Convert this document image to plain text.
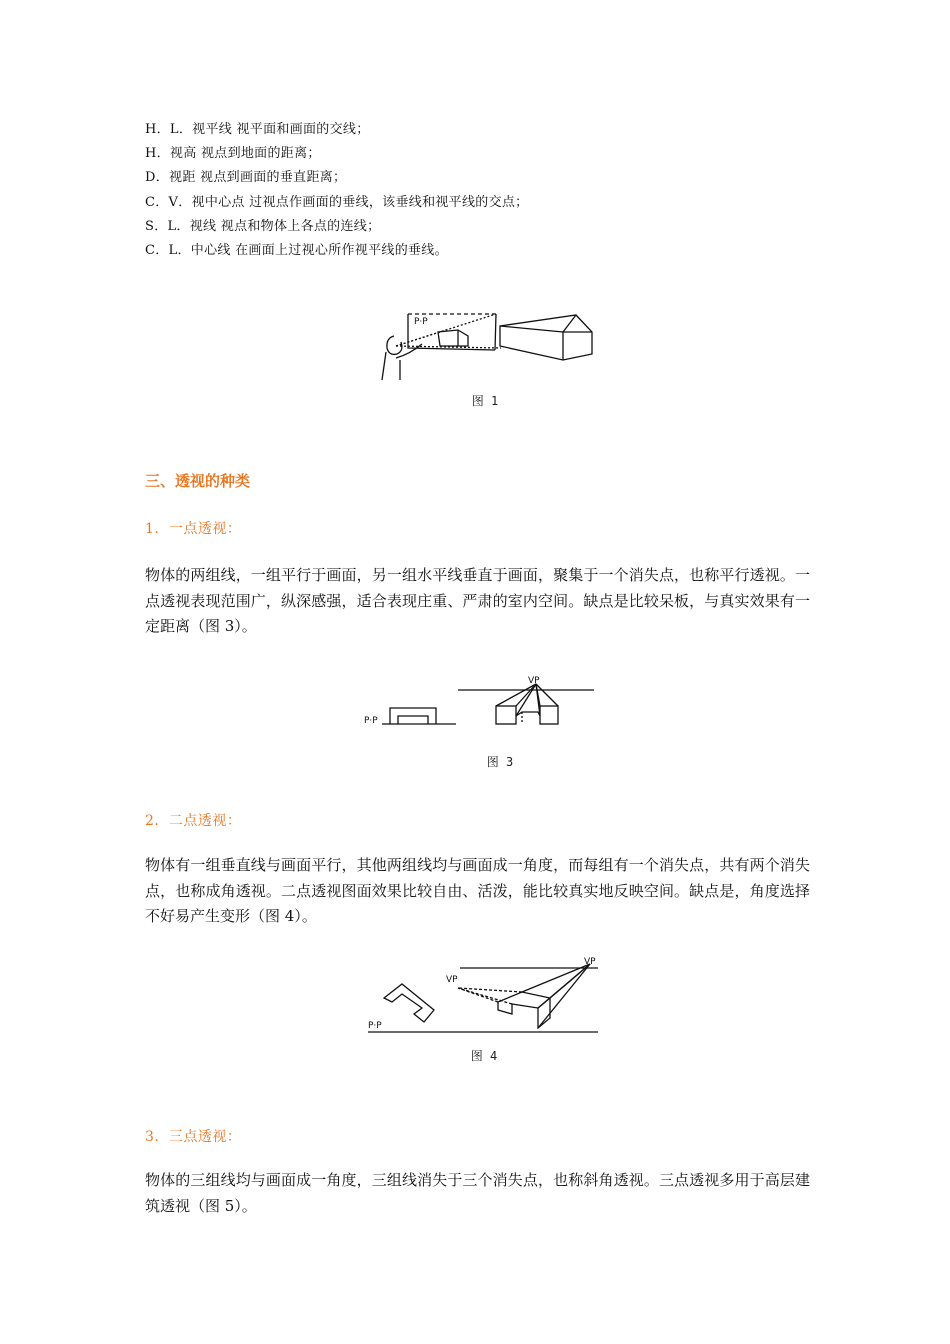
H．L．视平线 视平面和画面的交线；
H．视高 视点到地面的距离；
D．视距 视点到画面的垂直距离；
C．V．视中心点 过视点作画面的垂线，该垂线和视平线的交点；
S．L．视线 视点和物体上各点的连线；
C．L．中心线 在画面上过视心所作视平线的垂线。
P·P
图 1
三、透视的种类
1．一点透视：
物体的两组线，一组平行于画面，另一组水平线垂直于画面，聚集于一个消失点，也称平行透视。一点透视表现范围广，纵深感强，适合表现庄重、严肃的室内空间。缺点是比较呆板，与真实效果有一定距离（图 3）。
P·P
VP
图 3
2．二点透视：
物体有一组垂直线与画面平行，其他两组线均与画面成一角度，而每组有一个消失点，共有两个消失点，也称成角透视。二点透视图面效果比较自由、活泼，能比较真实地反映空间。缺点是，角度选择不好易产生变形（图 4）。
VP
VP
P·P
图 4
3．三点透视：
物体的三组线均与画面成一角度，三组线消失于三个消失点，也称斜角透视。三点透视多用于高层建筑透视（图 5）。
